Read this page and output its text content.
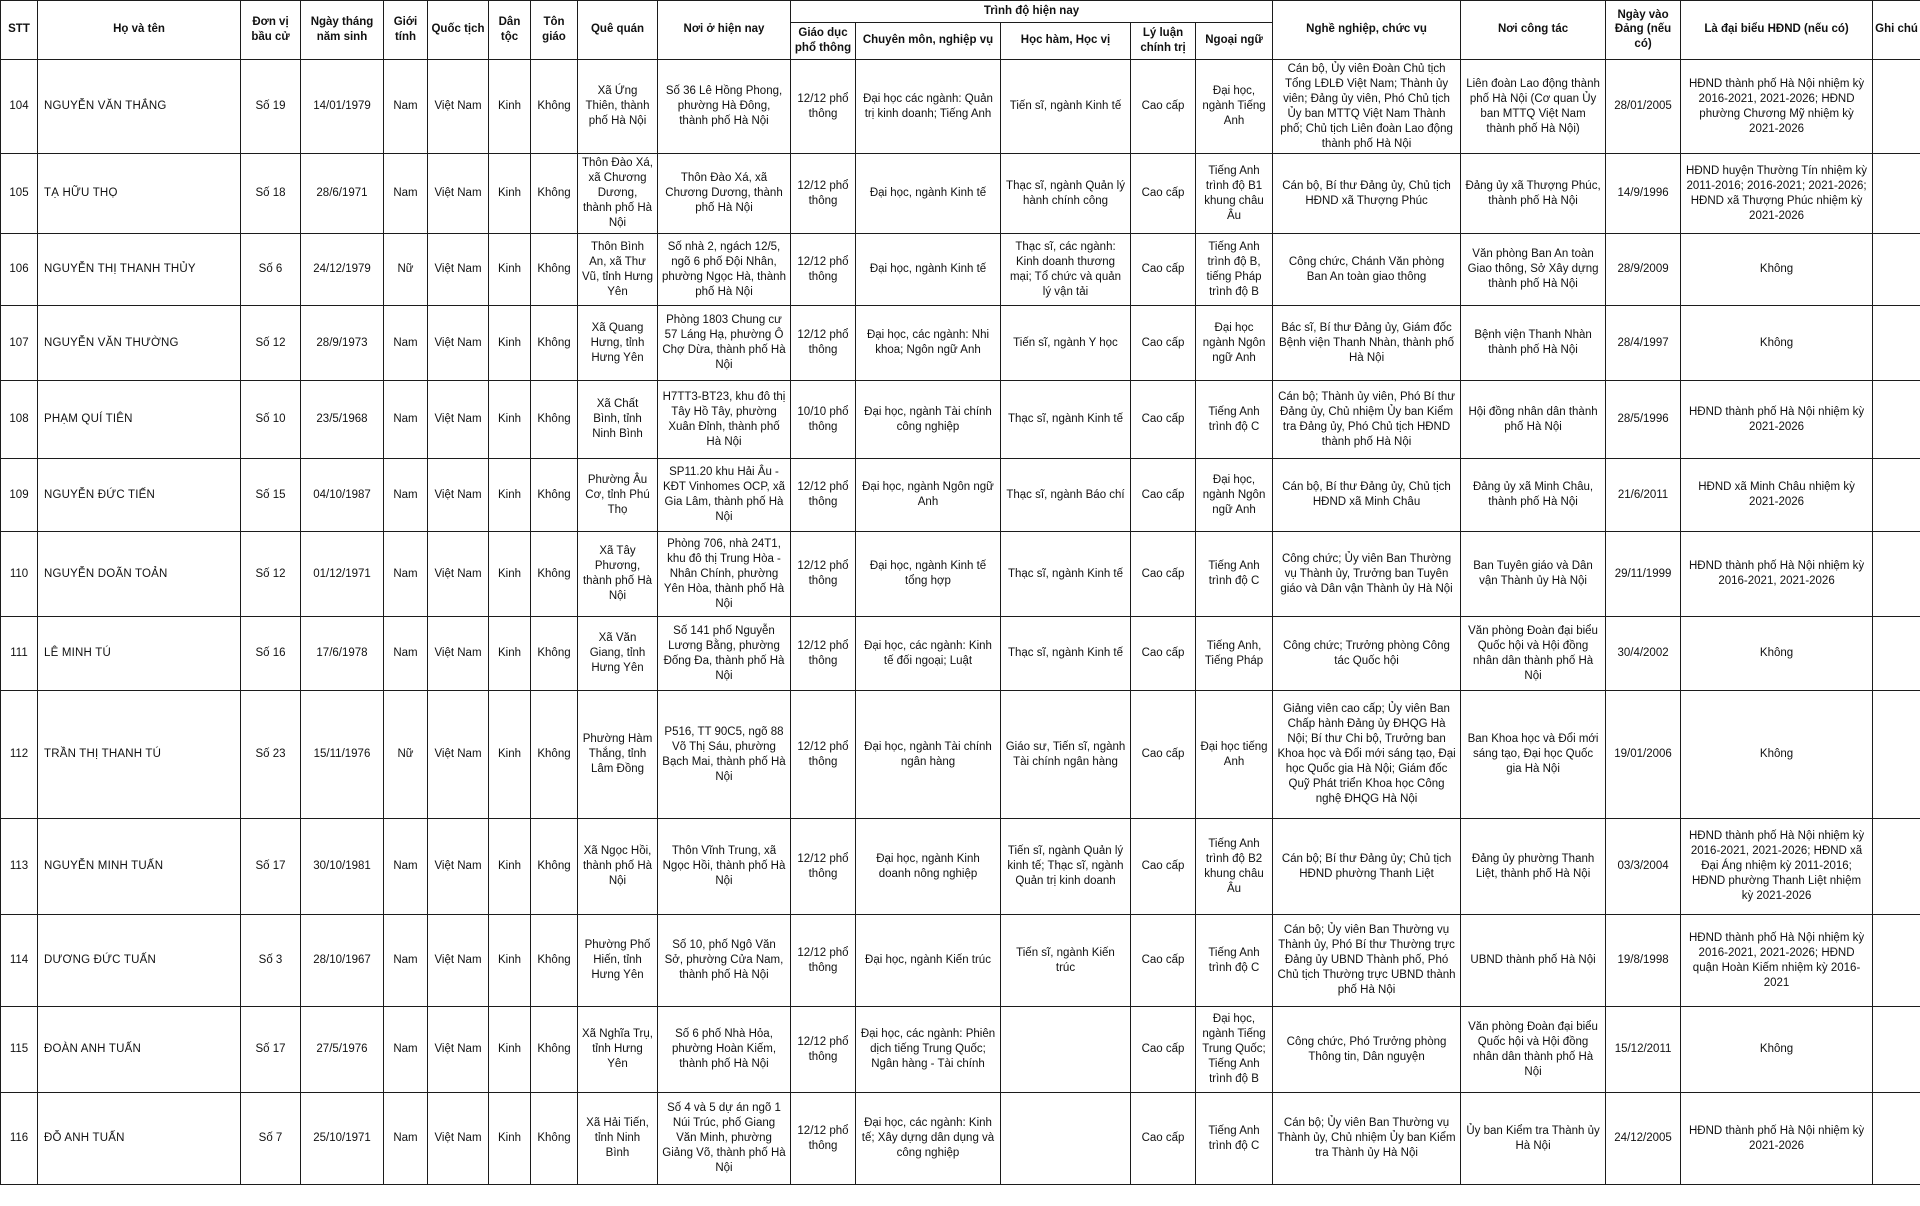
STT	Họ và tên	Đơn vị bầu cử	Ngày tháng năm sinh	Giới tính	Quốc tịch	Dân tộc	Tôn giáo	Quê quán	Nơi ở hiện nay	Trình độ hiện nay					Nghề nghiệp, chức vụ	Nơi công tác	Ngày vào Đảng (nếu có)	Là đại biểu HĐND (nếu có)	Ghi chú
										Giáo dục phổ thông	Chuyên môn, nghiệp vụ	Học hàm, Học vị	Lý luận chính trị	Ngoại ngữ					
104	NGUYỄN VĂN THẮNG	Số 19	14/01/1979	Nam	Việt Nam	Kinh	Không	Xã Ứng Thiên, thành phố Hà Nội	Số 36 Lê Hồng Phong, phường Hà Đông, thành phố Hà Nội	12/12 phổ thông	Đại học các ngành: Quản trị kinh doanh; Tiếng Anh	Tiến sĩ, ngành Kinh tế	Cao cấp	Đại học, ngành Tiếng Anh	Cán bộ, Ủy viên Đoàn Chủ tịch Tổng LĐLĐ Việt Nam; Thành ủy viên; Đảng ủy viên, Phó Chủ tịch Ủy ban MTTQ Việt Nam Thành phố; Chủ tịch Liên đoàn Lao động thành phố Hà Nội	Liên đoàn Lao động thành phố Hà Nội (Cơ quan Ủy ban MTTQ Việt Nam thành phố Hà Nội)	28/01/2005	HĐND thành phố Hà Nội nhiệm kỳ 2016-2021, 2021-2026; HĐND phường Chương Mỹ nhiệm kỳ 2021-2026	
105	TẠ HỮU THỌ	Số 18	28/6/1971	Nam	Việt Nam	Kinh	Không	Thôn Đào Xá, xã Chương Dương, thành phố Hà Nội	Thôn Đào Xá, xã Chương Dương, thành phố Hà Nội	12/12 phổ thông	Đại học, ngành Kinh tế	Thạc sĩ, ngành Quản lý hành chính công	Cao cấp	Tiếng Anh trình độ B1 khung châu Âu	Cán bộ, Bí thư Đảng ủy, Chủ tịch HĐND xã Thượng Phúc	Đảng ủy xã Thượng Phúc, thành phố Hà Nội	14/9/1996	HĐND huyện Thường Tín nhiệm kỳ 2011-2016; 2016-2021; 2021-2026; HĐND xã Thượng Phúc nhiệm kỳ 2021-2026	
106	NGUYỄN THỊ THANH THỦY	Số 6	24/12/1979	Nữ	Việt Nam	Kinh	Không	Thôn Bình An, xã Thư Vũ, tỉnh Hưng Yên	Số nhà 2, ngách 12/5, ngõ 6 phố Đội Nhân, phường Ngọc Hà, thành phố Hà Nội	12/12 phổ thông	Đại học, ngành Kinh tế	Thạc sĩ, các ngành: Kinh doanh thương mại; Tổ chức và quản lý vận tải	Cao cấp	Tiếng Anh trình độ B, tiếng Pháp trình độ B	Công chức, Chánh Văn phòng Ban An toàn giao thông	Văn phòng Ban An toàn Giao thông, Sở Xây dựng thành phố Hà Nội	28/9/2009	Không	
107	NGUYỄN VĂN THƯỜNG	Số 12	28/9/1973	Nam	Việt Nam	Kinh	Không	Xã Quang Hưng, tỉnh Hưng Yên	Phòng 1803 Chung cư 57 Láng Hạ, phường Ô Chợ Dừa, thành phố Hà Nội	12/12 phổ thông	Đại học, các ngành: Nhi khoa; Ngôn ngữ Anh	Tiến sĩ, ngành Y học	Cao cấp	Đại học ngành Ngôn ngữ Anh	Bác sĩ, Bí thư Đảng ủy, Giám đốc Bệnh viện Thanh Nhàn, thành phố Hà Nội	Bệnh viện Thanh Nhàn thành phố Hà Nội	28/4/1997	Không	
108	PHẠM QUÍ TIÊN	Số 10	23/5/1968	Nam	Việt Nam	Kinh	Không	Xã Chất Bình, tỉnh Ninh Bình	H7TT3-BT23, khu đô thị Tây Hồ Tây, phường Xuân Đỉnh, thành phố Hà Nội	10/10 phổ thông	Đại học, ngành Tài chính công nghiệp	Thạc sĩ, ngành Kinh tế	Cao cấp	Tiếng Anh trình độ C	Cán bộ; Thành ủy viên, Phó Bí thư Đảng ủy, Chủ nhiệm Ủy ban Kiểm tra Đảng ủy, Phó Chủ tịch HĐND thành phố Hà Nội	Hội đồng nhân dân thành phố Hà Nội	28/5/1996	HĐND thành phố Hà Nội nhiệm kỳ 2021-2026	
109	NGUYỄN ĐỨC TIẾN	Số 15	04/10/1987	Nam	Việt Nam	Kinh	Không	Phường Âu Cơ, tỉnh Phú Thọ	SP11.20 khu Hải Âu - KĐT Vinhomes OCP, xã Gia Lâm, thành phố Hà Nội	12/12 phổ thông	Đại học, ngành Ngôn ngữ Anh	Thạc sĩ, ngành Báo chí	Cao cấp	Đại học, ngành Ngôn ngữ Anh	Cán bộ, Bí thư Đảng ủy, Chủ tịch HĐND xã Minh Châu	Đảng ủy xã Minh Châu, thành phố Hà Nội	21/6/2011	HĐND xã Minh Châu nhiệm kỳ 2021-2026	
110	NGUYỄN DOÃN TOẢN	Số 12	01/12/1971	Nam	Việt Nam	Kinh	Không	Xã Tây Phương, thành phố Hà Nội	Phòng 706, nhà 24T1, khu đô thị Trung Hòa - Nhân Chính, phường Yên Hòa, thành phố Hà Nội	12/12 phổ thông	Đại học, ngành Kinh tế tổng hợp	Thạc sĩ, ngành Kinh tế	Cao cấp	Tiếng Anh trình độ C	Công chức; Ủy viên Ban Thường vụ Thành ủy, Trưởng ban Tuyên giáo và Dân vận Thành ủy Hà Nội	Ban Tuyên giáo và Dân vận Thành ủy Hà Nội	29/11/1999	HĐND thành phố Hà Nội nhiệm kỳ 2016-2021, 2021-2026	
111	LÊ MINH TÚ	Số 16	17/6/1978	Nam	Việt Nam	Kinh	Không	Xã Văn Giang, tỉnh Hưng Yên	Số 141 phố Nguyễn Lương Bằng, phường Đống Đa, thành phố Hà Nội	12/12 phổ thông	Đại học, các ngành: Kinh tế đối ngoại; Luật	Thạc sĩ, ngành Kinh tế	Cao cấp	Tiếng Anh, Tiếng Pháp	Công chức; Trưởng phòng Công tác Quốc hội	Văn phòng Đoàn đại biểu Quốc hội và Hội đồng nhân dân thành phố Hà Nội	30/4/2002	Không	
112	TRẦN THỊ THANH TÚ	Số 23	15/11/1976	Nữ	Việt Nam	Kinh	Không	Phường Hàm Thắng, tỉnh Lâm Đồng	P516, TT 90C5, ngõ 88 Võ Thị Sáu, phường Bạch Mai, thành phố Hà Nội	12/12 phổ thông	Đại học, ngành Tài chính ngân hàng	Giáo sư, Tiến sĩ, ngành Tài chính ngân hàng	Cao cấp	Đại học tiếng Anh	Giảng viên cao cấp; Ủy viên Ban Chấp hành Đảng ủy ĐHQG Hà Nội; Bí thư Chi bộ, Trưởng ban Khoa học và Đổi mới sáng tạo, Đại học Quốc gia Hà Nội; Giám đốc Quỹ Phát triển Khoa học Công nghệ ĐHQG Hà Nội	Ban Khoa học và Đổi mới sáng tạo, Đại học Quốc gia Hà Nội	19/01/2006	Không	
113	NGUYỄN MINH TUẤN	Số 17	30/10/1981	Nam	Việt Nam	Kinh	Không	Xã Ngọc Hồi, thành phố Hà Nội	Thôn Vĩnh Trung, xã Ngọc Hồi, thành phố Hà Nội	12/12 phổ thông	Đại học, ngành Kinh doanh nông nghiệp	Tiến sĩ, ngành Quản lý kinh tế; Thạc sĩ, ngành Quản trị kinh doanh	Cao cấp	Tiếng Anh trình độ B2 khung châu Âu	Cán bộ; Bí thư Đảng ủy; Chủ tịch HĐND phường Thanh Liệt	Đảng ủy phường Thanh Liệt, thành phố Hà Nội	03/3/2004	HĐND thành phố Hà Nội nhiệm kỳ 2016-2021, 2021-2026; HĐND xã Đại Áng nhiệm kỳ 2011-2016; HĐND phường Thanh Liệt nhiệm kỳ 2021-2026	
114	DƯƠNG ĐỨC TUẤN	Số 3	28/10/1967	Nam	Việt Nam	Kinh	Không	Phường Phố Hiến, tỉnh Hưng Yên	Số 10, phố Ngô Văn Sở, phường Cửa Nam, thành phố Hà Nội	12/12 phổ thông	Đại học, ngành Kiến trúc	Tiến sĩ, ngành Kiến trúc	Cao cấp	Tiếng Anh trình độ C	Cán bộ; Ủy viên Ban Thường vụ Thành ủy, Phó Bí thư Thường trực Đảng ủy UBND Thành phố, Phó Chủ tịch Thường trực UBND thành phố Hà Nội	UBND thành phố Hà Nội	19/8/1998	HĐND thành phố Hà Nội nhiệm kỳ 2016-2021, 2021-2026; HĐND quận Hoàn Kiếm nhiệm kỳ 2016-2021	
115	ĐOÀN ANH TUẤN	Số 17	27/5/1976	Nam	Việt Nam	Kinh	Không	Xã Nghĩa Trụ, tỉnh Hưng Yên	Số 6 phố Nhà Hỏa, phường Hoàn Kiếm, thành phố Hà Nội	12/12 phổ thông	Đại học, các ngành: Phiên dịch tiếng Trung Quốc; Ngân hàng - Tài chính		Cao cấp	Đại học, ngành Tiếng Trung Quốc; Tiếng Anh trình độ B	Công chức, Phó Trưởng phòng Thông tin, Dân nguyện	Văn phòng Đoàn đại biểu Quốc hội và Hội đồng nhân dân thành phố Hà Nội	15/12/2011	Không	
116	ĐỖ ANH TUẤN	Số 7	25/10/1971	Nam	Việt Nam	Kinh	Không	Xã Hải Tiến, tỉnh Ninh Bình	Số 4 và 5 dự án ngõ 1 Núi Trúc, phố Giang Văn Minh, phường Giảng Võ, thành phố Hà Nội	12/12 phổ thông	Đại học, các ngành: Kinh tế; Xây dựng dân dụng và công nghiệp		Cao cấp	Tiếng Anh trình độ C	Cán bộ; Ủy viên Ban Thường vụ Thành ủy, Chủ nhiệm Ủy ban Kiểm tra Thành ủy Hà Nội	Ủy ban Kiểm tra Thành ủy Hà Nội	24/12/2005	HĐND thành phố Hà Nội nhiệm kỳ 2021-2026	
